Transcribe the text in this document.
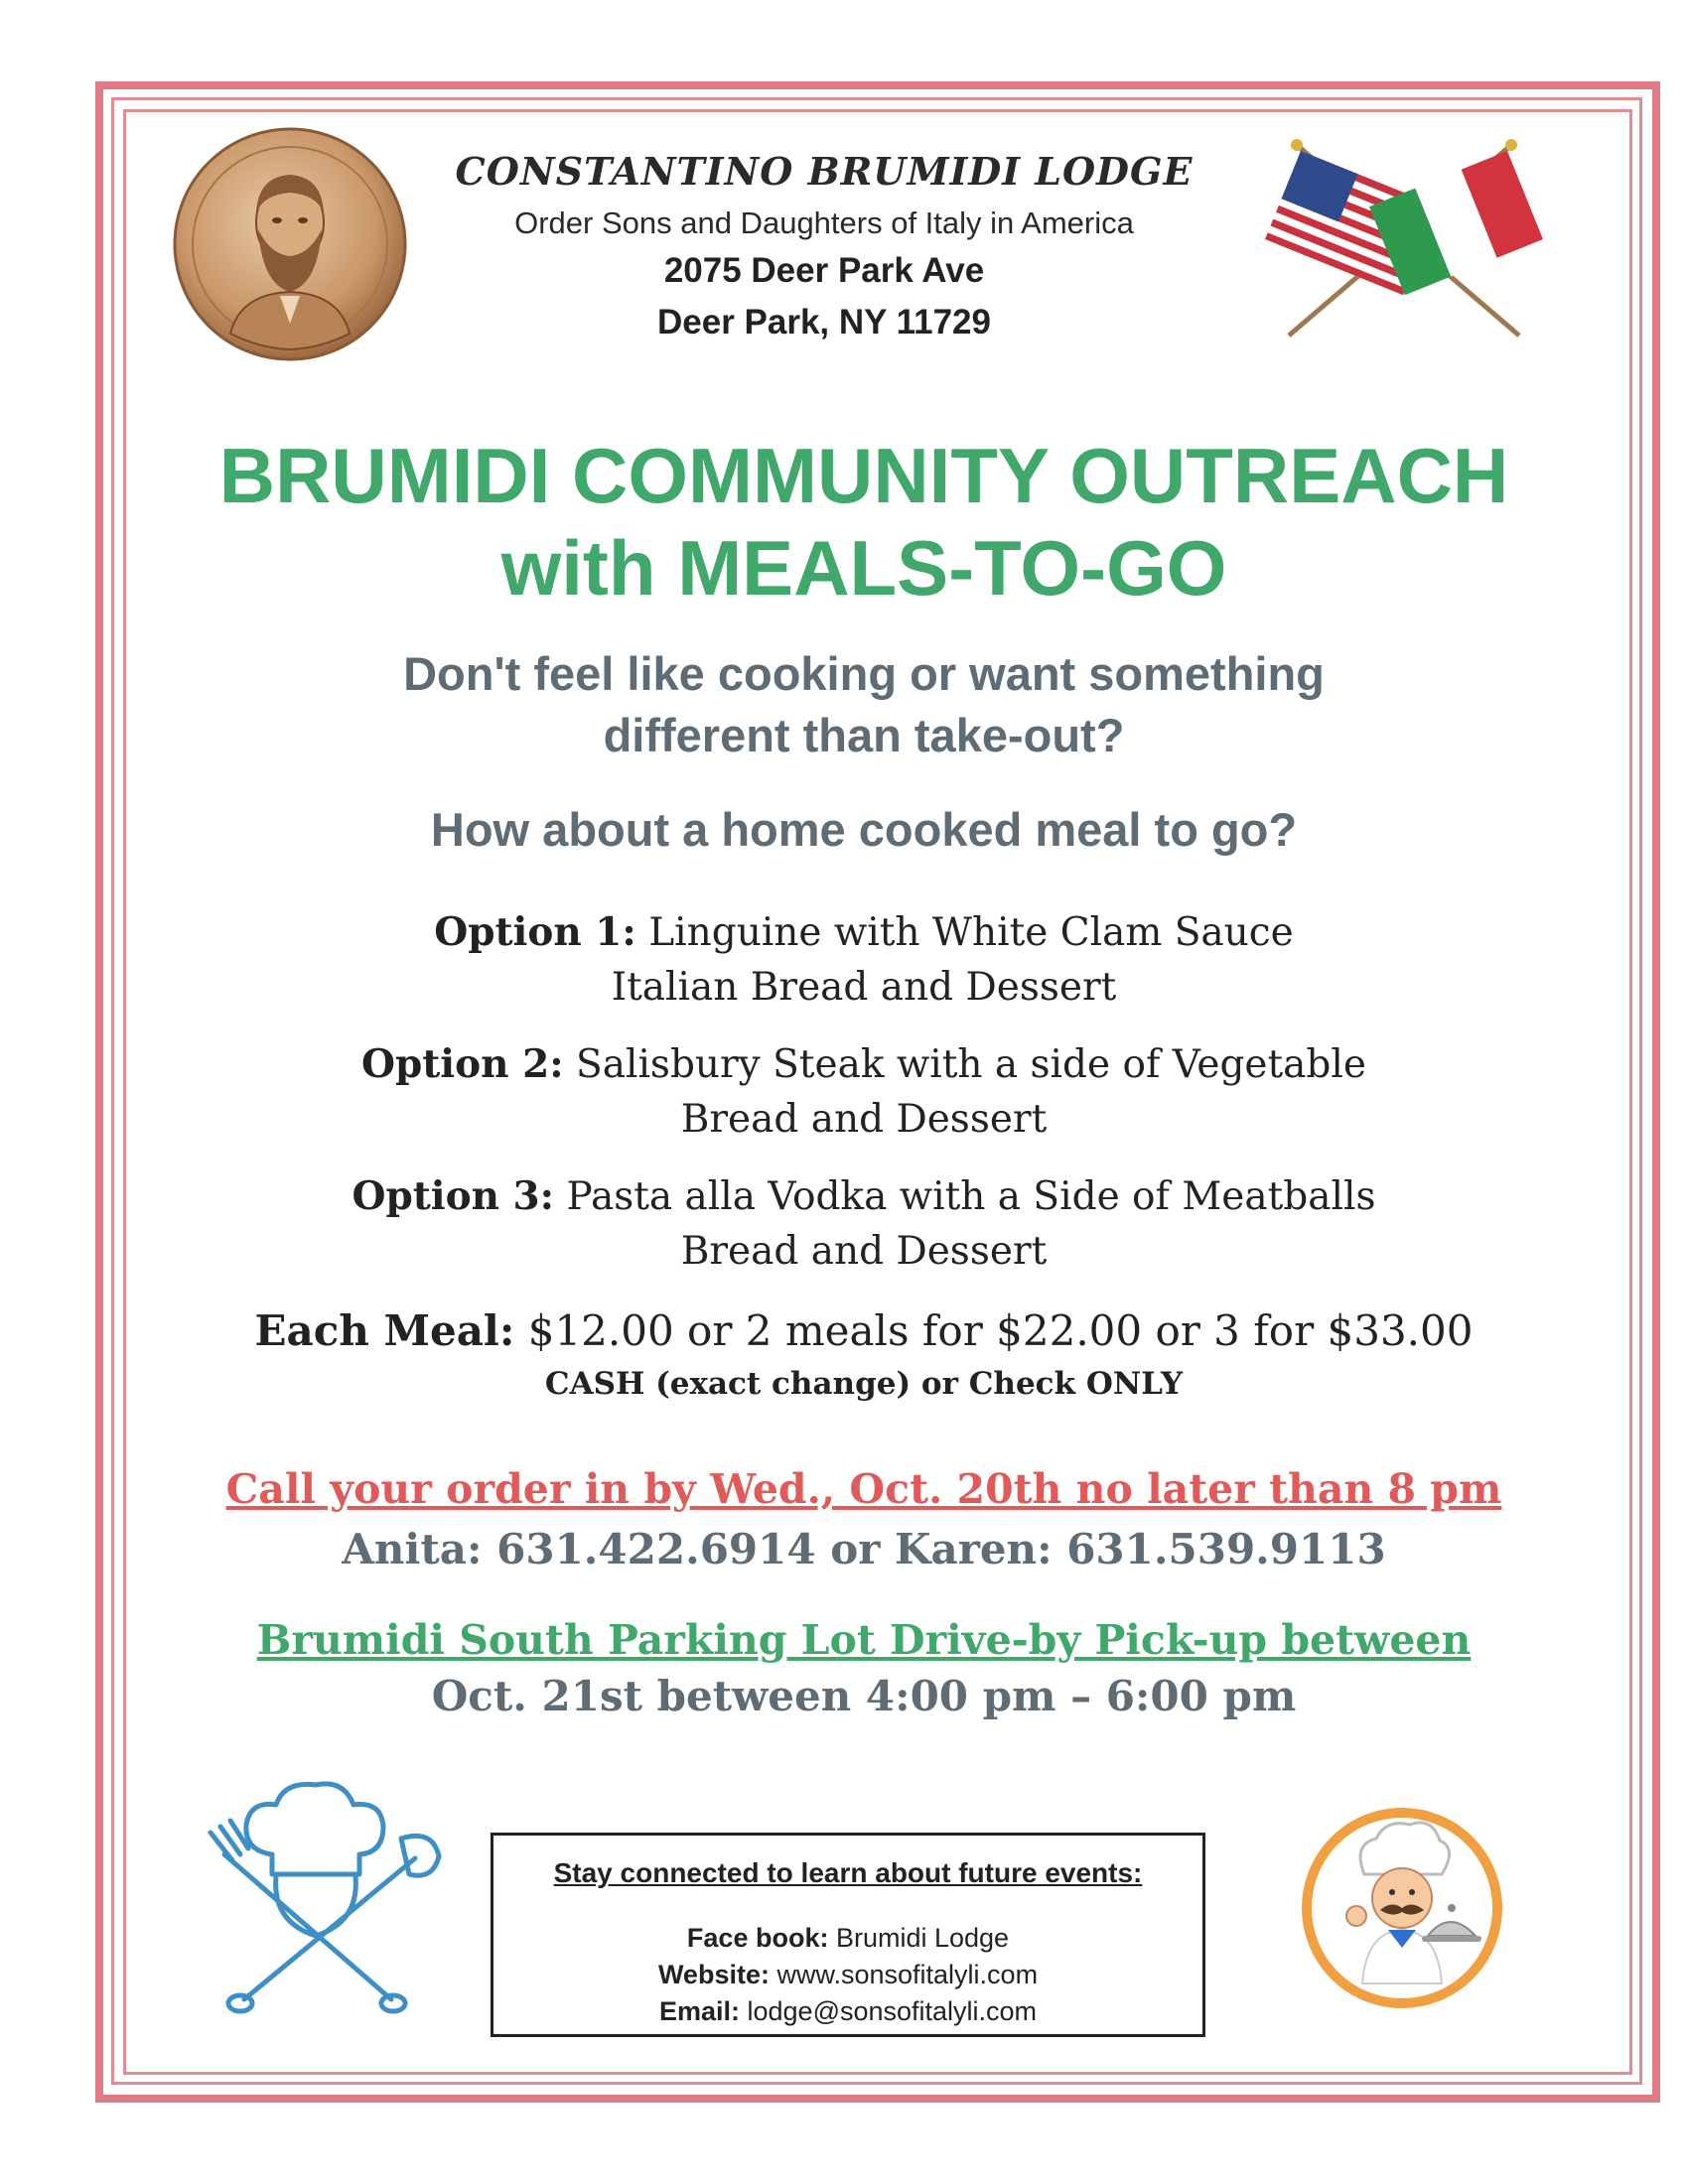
CONSTANTINO BRUMIDI LODGE
Order Sons and Daughters of Italy in America
2075 Deer Park Ave
Deer Park, NY 11729
BRUMIDI COMMUNITY OUTREACH
with MEALS-TO-GO
Don't feel like cooking or want something
different than take-out?
How about a home cooked meal to go?
Option 1: Linguine with White Clam Sauce
Italian Bread and Dessert
Option 2: Salisbury Steak with a side of Vegetable
Bread and Dessert
Option 3: Pasta alla Vodka with a Side of Meatballs
Bread and Dessert
Each Meal: $12.00 or 2 meals for $22.00 or 3 for $33.00
CASH (exact change) or Check ONLY
Call your order in by Wed., Oct. 20th no later than 8 pm
Anita: 631.422.6914 or Karen: 631.539.9113
Brumidi South Parking Lot Drive-by Pick-up between
Oct. 21st between 4:00 pm – 6:00 pm
Stay connected to learn about future events:
Face book: Brumidi Lodge
Website: www.sonsofitalyli.com
Email: lodge@sonsofitalyli.com
